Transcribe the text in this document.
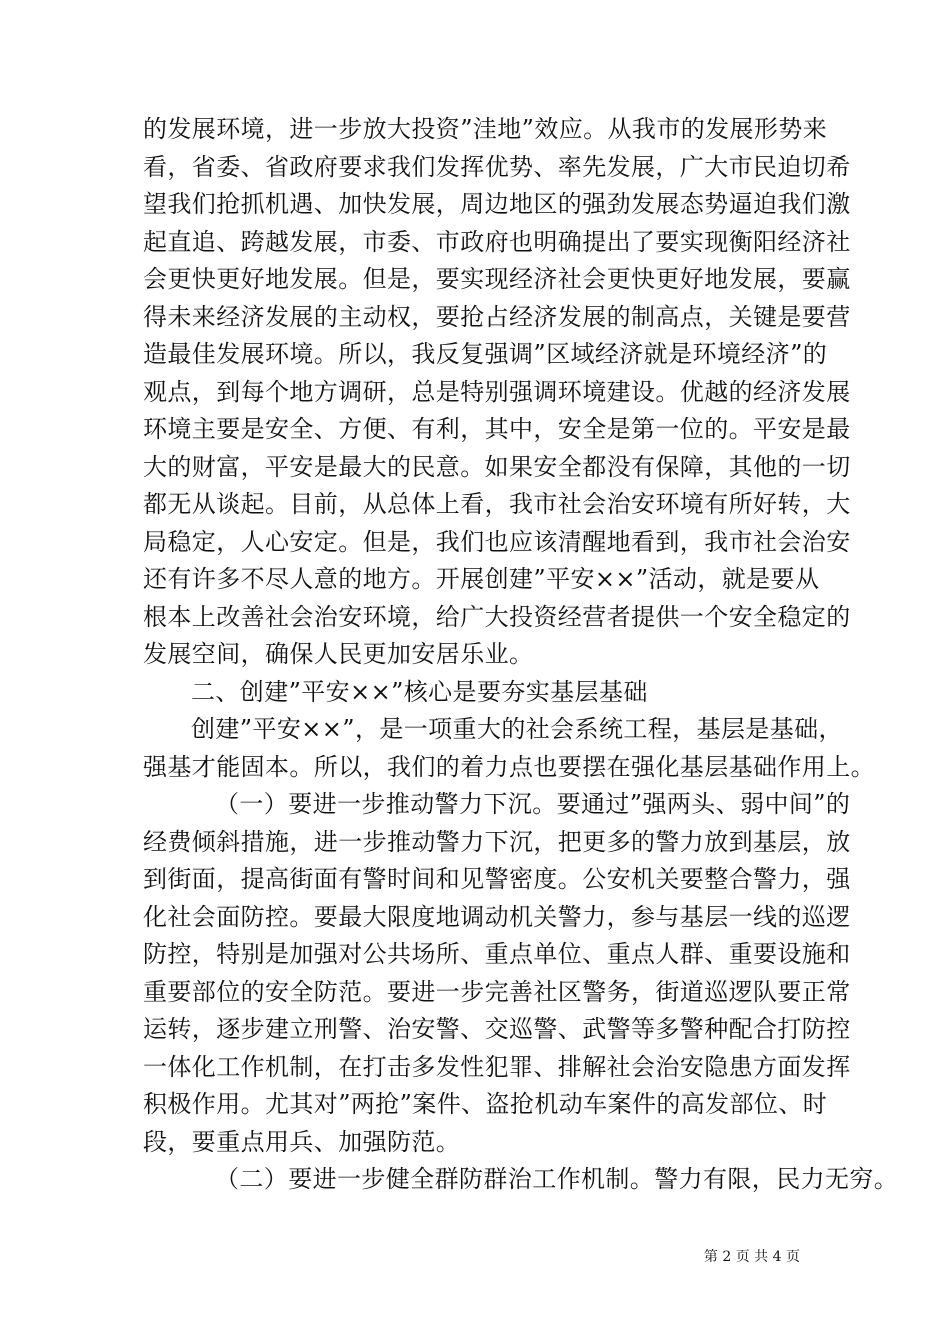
的发展环境，进一步放大投资”洼地”效应。从我市的发展形势来
看，省委、省政府要求我们发挥优势、率先发展，广大市民迫切希
望我们抢抓机遇、加快发展，周边地区的强劲发展态势逼迫我们激
起直追、跨越发展，市委、市政府也明确提出了要实现衡阳经济社
会更快更好地发展。但是，要实现经济社会更快更好地发展，要赢
得未来经济发展的主动权，要抢占经济发展的制高点，关键是要营
造最佳发展环境。所以，我反复强调”区域经济就是环境经济”的
观点，到每个地方调研，总是特别强调环境建设。优越的经济发展
环境主要是安全、方便、有利，其中，安全是第一位的。平安是最
大的财富，平安是最大的民意。如果安全都没有保障，其他的一切
都无从谈起。目前，从总体上看，我市社会治安环境有所好转，大
局稳定，人心安定。但是，我们也应该清醒地看到，我市社会治安
还有许多不尽人意的地方。开展创建”平安××”活动，就是要从
根本上改善社会治安环境，给广大投资经营者提供一个安全稳定的
发展空间，确保人民更加安居乐业。
二、创建”平安××”核心是要夯实基层基础
创建”平安××”，是一项重大的社会系统工程，基层是基础，
强基才能固本。所以，我们的着力点也要摆在强化基层基础作用上。
（一）要进一步推动警力下沉。要通过”强两头、弱中间”的
经费倾斜措施，进一步推动警力下沉，把更多的警力放到基层，放
到街面，提高街面有警时间和见警密度。公安机关要整合警力，强
化社会面防控。要最大限度地调动机关警力，参与基层一线的巡逻
防控，特别是加强对公共场所、重点单位、重点人群、重要设施和
重要部位的安全防范。要进一步完善社区警务，街道巡逻队要正常
运转，逐步建立刑警、治安警、交巡警、武警等多警种配合打防控
一体化工作机制，在打击多发性犯罪、排解社会治安隐患方面发挥
积极作用。尤其对”两抢”案件、盗抢机动车案件的高发部位、时
段，要重点用兵、加强防范。
（二）要进一步健全群防群治工作机制。警力有限，民力无穷。
第 2 页 共 4 页
